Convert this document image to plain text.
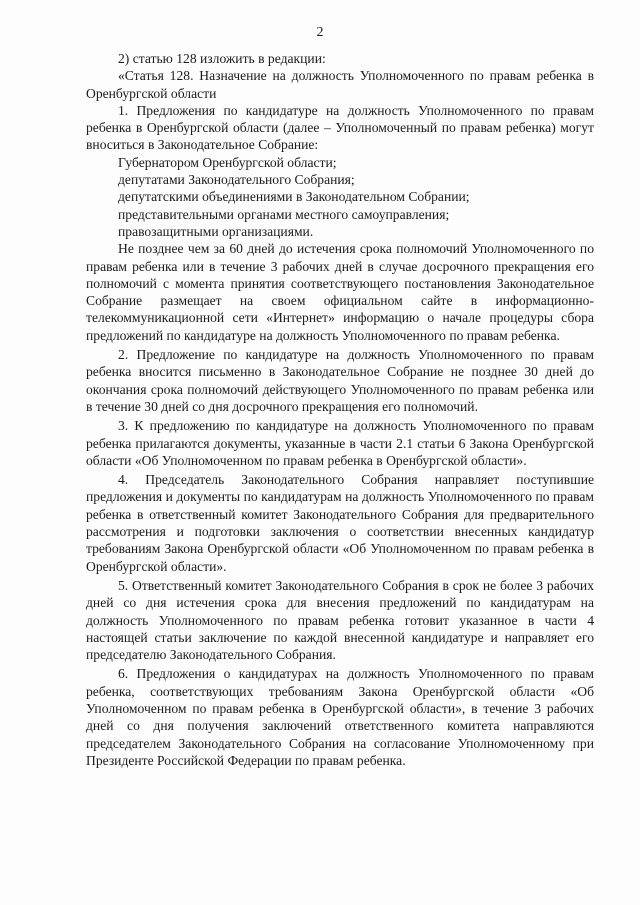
2

2) статью 128 изложить в редакции:

«Статья 128. Назначение на должность Уполномоченного по правам ребенка в Оренбургской области

1. Предложения по кандидатуре на должность Уполномоченного по правам ребенка в Оренбургской области (далее – Уполномоченный по правам ребенка) могут вноситься в Законодательное Собрание:

Губернатором Оренбургской области;

депутатами Законодательного Собрания;

депутатскими объединениями в Законодательном Собрании;

представительными органами местного самоуправления;

правозащитными организациями.

Не позднее чем за 60 дней до истечения срока полномочий Уполномоченного по правам ребенка или в течение 3 рабочих дней в случае досрочного прекращения его полномочий с момента принятия соответствующего постановления Законодательное Собрание размещает на своем официальном сайте в информационно-телекоммуникационной сети «Интернет» информацию о начале процедуры сбора предложений по кандидатуре на должность Уполномоченного по правам ребенка.

2. Предложение по кандидатуре на должность Уполномоченного по правам ребенка вносится письменно в Законодательное Собрание не позднее 30 дней до окончания срока полномочий действующего Уполномоченного по правам ребенка или в течение 30 дней со дня досрочного прекращения его полномочий.

3. К предложению по кандидатуре на должность Уполномоченного по правам ребенка прилагаются документы, указанные в части 2.1 статьи 6 Закона Оренбургской области «Об Уполномоченном по правам ребенка в Оренбургской области».

4. Председатель Законодательного Собрания направляет поступившие предложения и документы по кандидатурам на должность Уполномоченного по правам ребенка в ответственный комитет Законодательного Собрания для предварительного рассмотрения и подготовки заключения о соответствии внесенных кандидатур требованиям Закона Оренбургской области «Об Уполномоченном по правам ребенка в Оренбургской области».

5. Ответственный комитет Законодательного Собрания в срок не более 3 рабочих дней со дня истечения срока для внесения предложений по кандидатурам на должность Уполномоченного по правам ребенка готовит указанное в части 4 настоящей статьи заключение по каждой внесенной кандидатуре и направляет его председателю Законодательного Собрания.

6. Предложения о кандидатурах на должность Уполномоченного по правам ребенка, соответствующих требованиям Закона Оренбургской области «Об Уполномоченном по правам ребенка в Оренбургской области», в течение 3 рабочих дней со дня получения заключений ответственного комитета направляются председателем Законодательного Собрания на согласование Уполномоченному при Президенте Российской Федерации по правам ребенка.
